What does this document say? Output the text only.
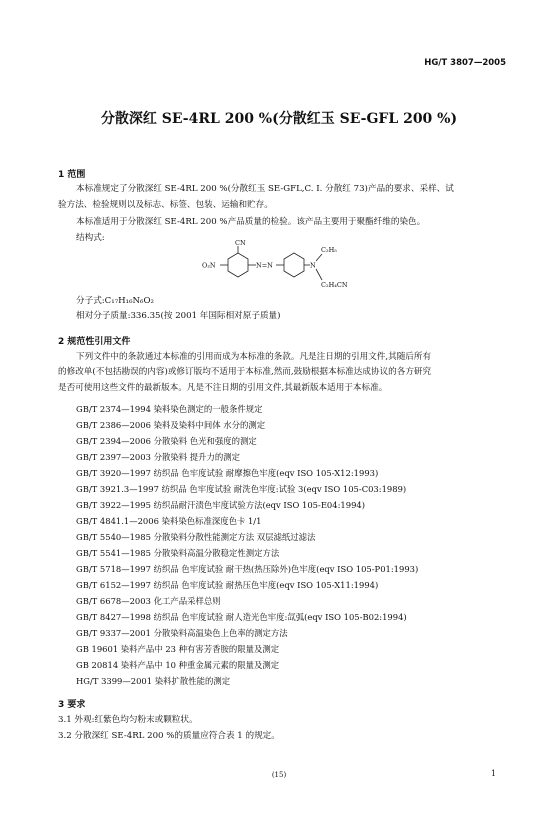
HG/T 3807—2005
分散深红 SE-4RL 200 %(分散红玉 SE-GFL 200 %)
1 范围
本标准规定了分散深红 SE-4RL 200 %(分散红玉 SE-GFL,C. I. 分散红 73)产品的要求、采样、试
验方法、检验规则以及标志、标签、包装、运输和贮存。
本标准适用于分散深红 SE-4RL 200 %产品质量的检验。该产品主要用于聚酯纤维的染色。
结构式:	CN
O₂N	N=N	N
C₂H₅
C₂H₄CN
分子式:C₁₇H₁₆N₆O₂
相对分子质量:336.35(按 2001 年国际相对原子质量)
2 规范性引用文件
下列文件中的条款通过本标准的引用而成为本标准的条款。凡是注日期的引用文件,其随后所有
的修改单(不包括勘误的内容)或修订版均不适用于本标准,然而,鼓励根据本标准达成协议的各方研究
是否可使用这些文件的最新版本。凡是不注日期的引用文件,其最新版本适用于本标准。
GB/T 2374—1994 染料染色测定的一般条件规定
GB/T 2386—2006 染料及染料中间体 水分的测定
GB/T 2394—2006 分散染料 色光和强度的测定
GB/T 2397—2003 分散染料 提升力的测定
GB/T 3920—1997 纺织品 色牢度试验 耐摩擦色牢度(eqv ISO 105-X12:1993)
GB/T 3921.3—1997 纺织品 色牢度试验 耐洗色牢度:试验 3(eqv ISO 105-C03:1989)
GB/T 3922—1995 纺织品耐汗渍色牢度试验方法(eqv ISO 105-E04:1994)
GB/T 4841.1—2006 染料染色标准深度色卡 1/1
GB/T 5540—1985 分散染料分散性能测定方法 双层滤纸过滤法
GB/T 5541—1985 分散染料高温分散稳定性测定方法
GB/T 5718—1997 纺织品 色牢度试验 耐干热(热压除外)色牢度(eqv ISO 105-P01:1993)
GB/T 6152—1997 纺织品 色牢度试验 耐热压色牢度(eqv ISO 105-X11:1994)
GB/T 6678—2003 化工产品采样总则
GB/T 8427—1998 纺织品 色牢度试验 耐人造光色牢度:氙弧(eqv ISO 105-B02:1994)
GB/T 9337—2001 分散染料高温染色上色率的测定方法
GB 19601 染料产品中 23 种有害芳香胺的限量及测定
GB 20814 染料产品中 10 种重金属元素的限量及测定
HG/T 3399—2001 染料扩散性能的测定
3 要求
3.1 外观:红紫色均匀粉末或颗粒状。
3.2 分散深红 SE-4RL 200 %的质量应符合表 1 的规定。
(15)	1
